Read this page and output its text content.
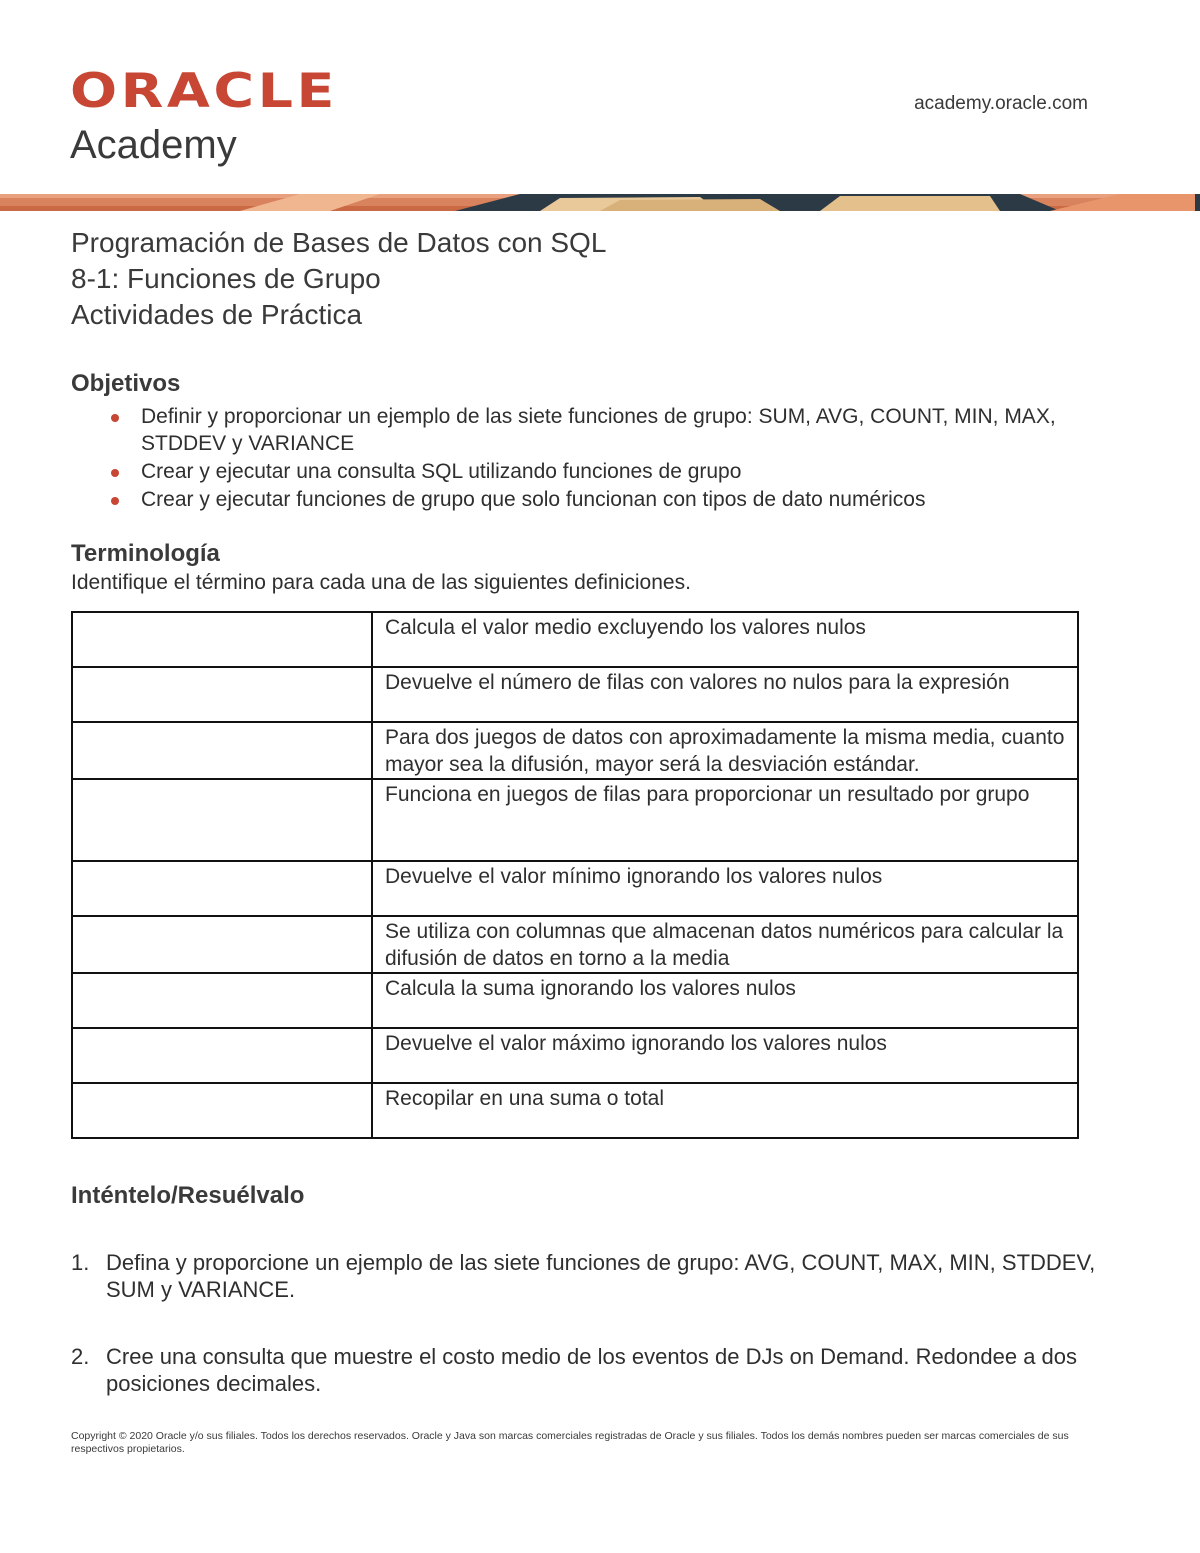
ORACLE
Academy
academy.oracle.com

Programación de Bases de Datos con SQL

8-1: Funciones de Grupo

Actividades de Práctica

Objetivos
Definir y proporcionar un ejemplo de las siete funciones de grupo: SUM, AVG, COUNT, MIN, MAX, STDDEV y VARIANCE
Crear y ejecutar una consulta SQL utilizando funciones de grupo
Crear y ejecutar funciones de grupo que solo funcionan con tipos de dato numéricos
Terminología

Identifique el término para cada una de las siguientes definiciones.

	Calcula el valor medio excluyendo los valores nulos
	Devuelve el número de filas con valores no nulos para la expresión
	Para dos juegos de datos con aproximadamente la misma media, cuanto mayor sea la difusión, mayor será la desviación estándar.
	Funciona en juegos de filas para proporcionar un resultado por grupo
	Devuelve el valor mínimo ignorando los valores nulos
	Se utiliza con columnas que almacenan datos numéricos para calcular la difusión de datos en torno a la media
	Calcula la suma ignorando los valores nulos
	Devuelve el valor máximo ignorando los valores nulos
	Recopilar en una suma o total
Inténtelo/Resuélvalo
1. Defina y proporcione un ejemplo de las siete funciones de grupo: AVG, COUNT, MAX, MIN, STDDEV, SUM y VARIANCE.
2. Cree una consulta que muestre el costo medio de los eventos de DJs on Demand. Redondee a dos posiciones decimales.
Copyright © 2020 Oracle y/o sus filiales. Todos los derechos reservados. Oracle y Java son marcas comerciales registradas de Oracle y sus filiales. Todos los demás nombres pueden ser marcas comerciales de sus respectivos propietarios.
